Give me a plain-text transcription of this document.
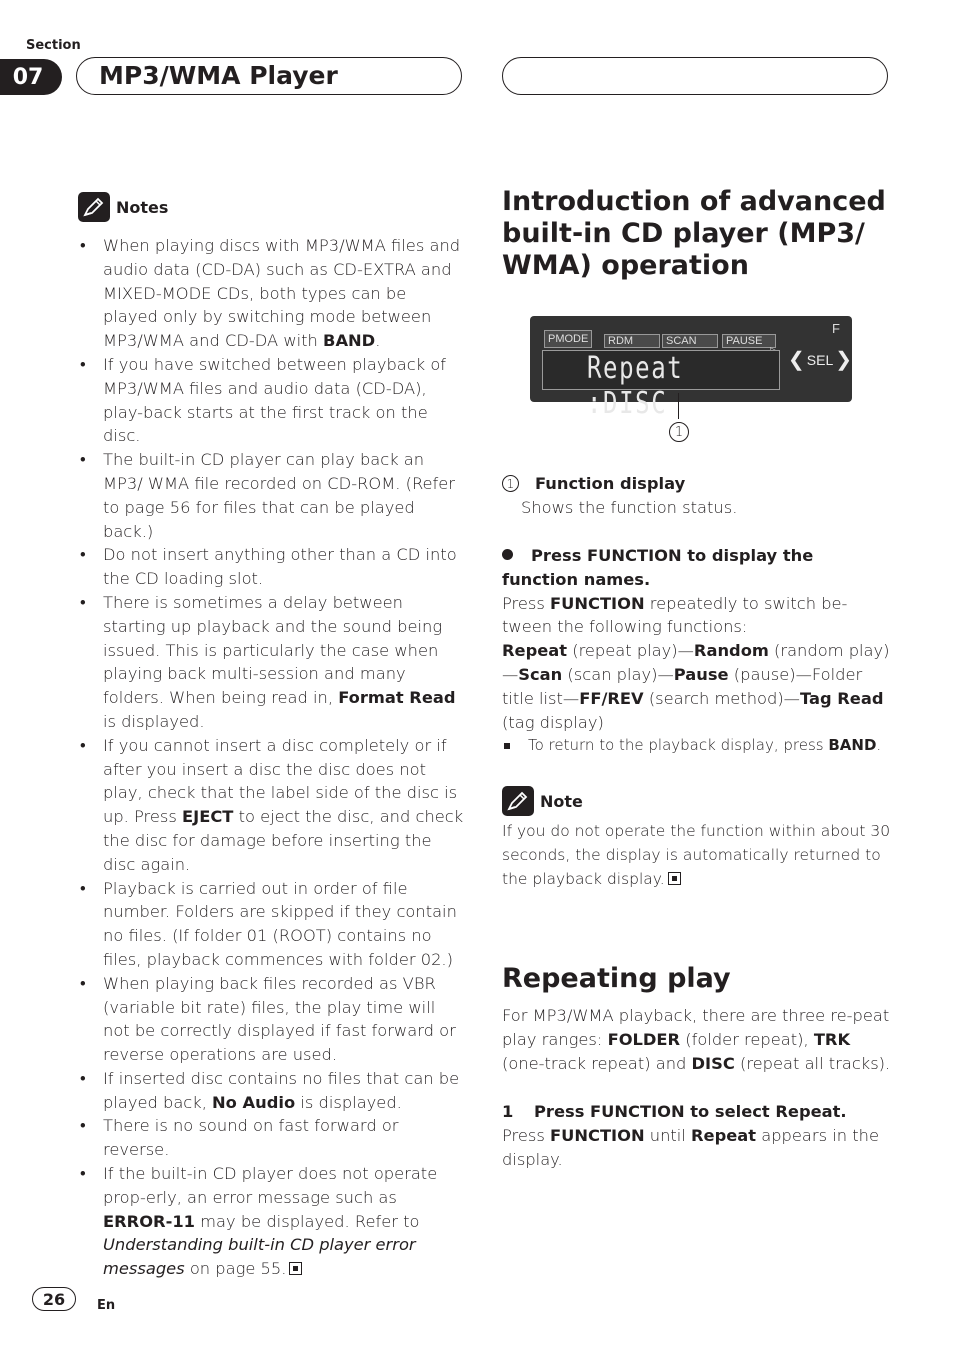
Section
07	MP3/WMA Player
Notes
• When playing discs with MP3/WMA files and audio data (CD-DA) such as CD-EXTRA and MIXED-MODE CDs, both types can be played only by switching mode between MP3/WMA and CD-DA with BAND.
• If you have switched between playback of MP3/WMA files and audio data (CD-DA), play-back starts at the first track on the disc.
• The built-in CD player can play back an MP3/ WMA file recorded on CD-ROM. (Refer to page 56 for files that can be played back.)
• Do not insert anything other than a CD into the CD loading slot.
• There is sometimes a delay between starting up playback and the sound being issued. This is particularly the case when playing back multi-session and many folders. When being read in, Format Read is displayed.
• If you cannot insert a disc completely or if after you insert a disc the disc does not play, check that the label side of the disc is up. Press EJECT to eject the disc, and check the disc for damage before inserting the disc again.
• Playback is carried out in order of file number. Folders are skipped if they contain no files. (If folder 01 (ROOT) contains no files, playback commences with folder 02.)
• When playing back files recorded as VBR (variable bit rate) files, the play time will not be correctly displayed if fast forward or reverse operations are used.
• If inserted disc contains no files that can be played back, No Audio is displayed.
• There is no sound on fast forward or reverse.
• If the built-in CD player does not operate prop-erly, an error message such as ERROR-11 may be displayed. Refer to Understanding built-in CD player error messages on page 55.
Introduction of advanced built-in CD player (MP3/ WMA) operation
F
PMODE	RDM	SCAN	PAUSE
Repeat :DISC
❮ SEL ❯
1
1 Function display
Shows the function status.
Press FUNCTION to display the function names.
Press FUNCTION repeatedly to switch be-tween the following functions:
Repeat (repeat play)—Random (random play) —Scan (scan play)—Pause (pause)—Folder title list—FF/REV (search method)—Tag Read (tag display)
To return to the playback display, press BAND.
Note
If you do not operate the function within about 30 seconds, the display is automatically returned to the playback display.
Repeating play
For MP3/WMA playback, there are three re-peat play ranges: FOLDER (folder repeat), TRK (one-track repeat) and DISC (repeat all tracks).
1 Press FUNCTION to select Repeat.
Press FUNCTION until Repeat appears in the display.
26	En
